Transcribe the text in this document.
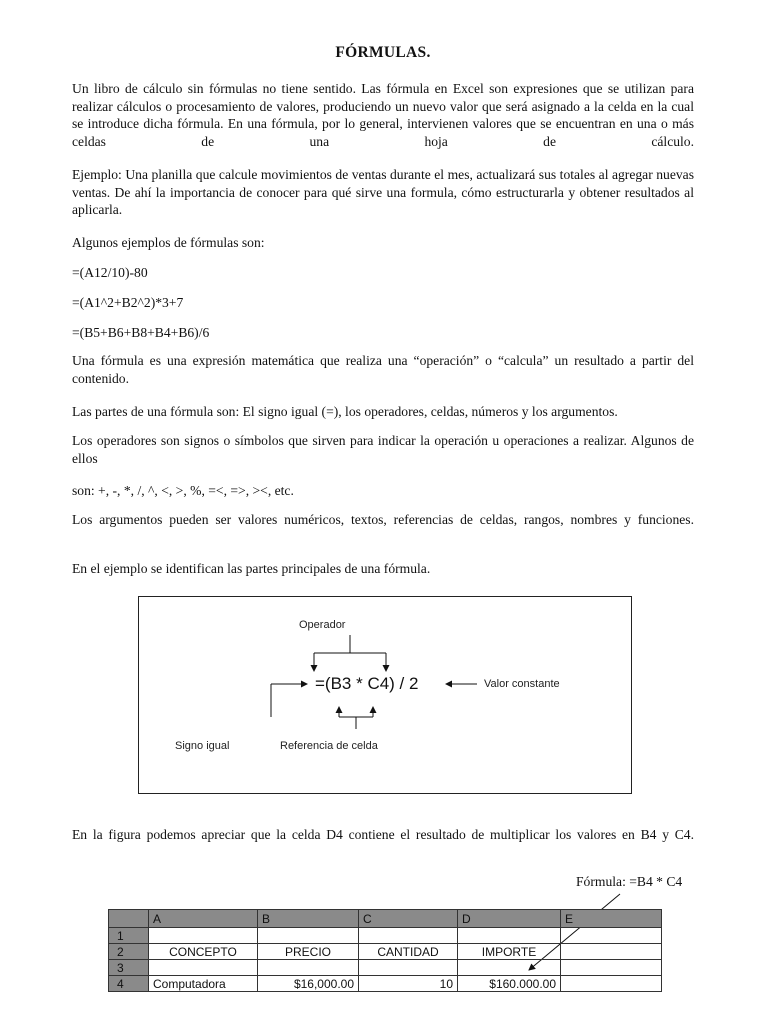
FÓRMULAS.
Un libro de cálculo sin fórmulas no tiene sentido. Las fórmula en Excel son expresiones que se utilizan para realizar cálculos o procesamiento de valores, produciendo un nuevo valor que será asignado a la celda en la cual se introduce dicha fórmula. En una fórmula, por lo general, intervienen valores que se encuentran en una o más celdas de una hoja de cálculo.
Ejemplo: Una planilla que calcule movimientos de ventas durante el mes, actualizará sus totales al agregar nuevas ventas. De ahí la importancia de conocer para qué sirve una formula, cómo estructurarla y obtener resultados al aplicarla.
Algunos ejemplos de fórmulas son:
=(A12/10)-80
=(A1^2+B2^2)*3+7
=(B5+B6+B8+B4+B6)/6
Una fórmula es una expresión matemática que realiza una “operación” o “calcula” un resultado a partir del contenido.
Las partes de una fórmula son: El signo igual (=), los operadores, celdas, números y los argumentos.
Los operadores son signos o símbolos que sirven para indicar la operación u operaciones a realizar. Algunos de ellos
son: +, -, *, /, ^, <, >, %, =<, =>, ><, etc.
Los argumentos pueden ser valores numéricos, textos, referencias de celdas, rangos, nombres y funciones.
En el ejemplo se identifican las partes principales de una fórmula.
Operador
=(B3 * C4) / 2	Valor constante
Signo igual	Referencia de celda
En la figura podemos apreciar que la celda D4 contiene el resultado de multiplicar los valores en B4 y C4.
Fórmula: =B4 * C4
	A	B	C	D	E
1					
2	CONCEPTO	PRECIO	CANTIDAD	IMPORTE	
3					
4	Computadora	$16,000.00	10	$160.000.00	
